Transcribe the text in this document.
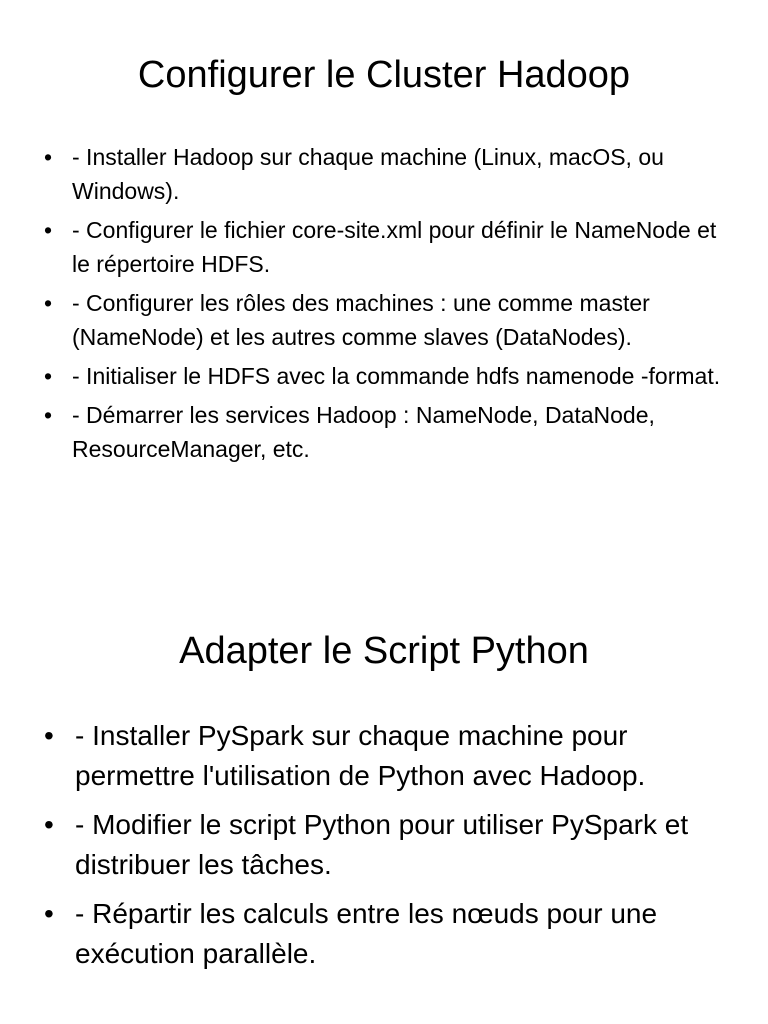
Configurer le Cluster Hadoop
• - Installer Hadoop sur chaque machine (Linux, macOS, ou Windows).
• - Configurer le fichier core-site.xml pour définir le NameNode et le répertoire HDFS.
• - Configurer les rôles des machines : une comme master (NameNode) et les autres comme slaves (DataNodes).
• - Initialiser le HDFS avec la commande hdfs namenode -format.
• - Démarrer les services Hadoop : NameNode, DataNode, ResourceManager, etc.
Adapter le Script Python
• - Installer PySpark sur chaque machine pour permettre l'utilisation de Python avec Hadoop.
• - Modifier le script Python pour utiliser PySpark et distribuer les tâches.
• - Répartir les calculs entre les nœuds pour une exécution parallèle.
